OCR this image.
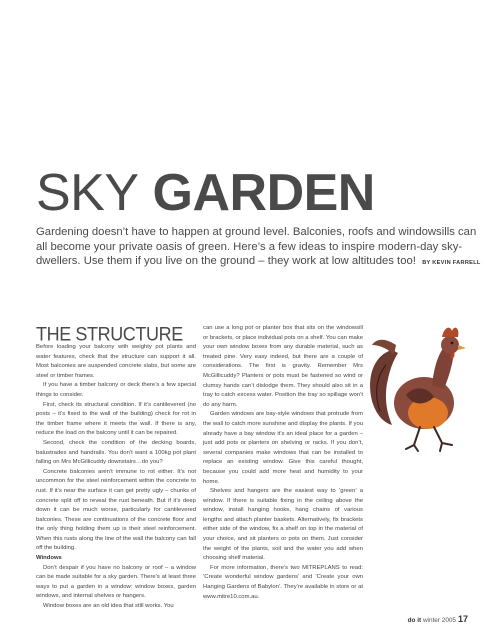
SKY GARDEN

Gardening doesn’t have to happen at ground level. Balconies, roofs and windowsills can all become your private oasis of green. Here’s a few ideas to inspire modern-day sky-dwellers. Use them if you live on the ground – they work at low altitudes too! BY KEVIN FARRELL

THE STRUCTURE

Before loading your balcony with weighty pot plants and water features, check that the structure can support it all. Most balconies are suspended concrete slabs, but some are steel or timber frames.

If you have a timber balcony or deck there’s a few special things to consider.

First, check its structural condition. If it’s cantilevered (no posts – it’s fixed to the wall of the building) check for rot in the timber frame where it meets the wall. If there is any, reduce the load on the balcony until it can be repaired.

Second, check the condition of the decking boards, balustrades and handrails. You don’t want a 100kg pot plant falling on Mrs McGillicuddy downstairs…do you?

Concrete balconies aren’t immune to rot either. It’s not uncommon for the steel reinforcement within the concrete to rust. If it’s near the surface it can get pretty ugly – chunks of concrete split off to reveal the rust beneath. But if it’s deep down it can be much worse, particularly for cantilevered balconies. These are continuations of the concrete floor and the only thing holding them up is their steel reinforcement. When this rusts along the line of the wall the balcony can fall off the building.

Windows

Don’t despair if you have no balcony or roof – a window can be made suitable for a sky garden. There’s at least three ways to put a garden in a window: window boxes, garden windows, and internal shelves or hangers.

Window boxes are an old idea that still works. You

can use a long pot or planter box that sits on the windowsill or brackets, or place individual pots on a shelf. You can make your own window boxes from any durable material, such as treated pine. Very easy indeed, but there are a couple of considerations. The first is gravity. Remember Mrs McGillicuddy? Planters or pots must be fastened so wind or clumsy hands can’t dislodge them. They should also sit in a tray to catch excess water. Position the tray so spillage won’t do any harm.

Garden windows are bay-style windows that protrude from the wall to catch more sunshine and display the plants. If you already have a bay window it’s an ideal place for a garden – just add pots or planters on shelving or racks. If you don’t, several companies make windows that can be installed to replace an existing window. Give this careful thought, because you could add more heat and humidity to your home.

Shelves and hangers are the easiest way to ‘green’ a window. If there is suitable fixing in the ceiling above the window, install hanging hooks, hang chains of various lengths and attach planter baskets. Alternatively, fix brackets either side of the window, fix a shelf on top in the material of your choice, and sit planters or pots on them. Just consider the weight of the plants, soil and the water you add when choosing shelf material.

For more information, there’s two MITREPLANS to read: ‘Create wonderful window gardens’ and ‘Create your own Hanging Gardens of Babylon’. They’re available in store or at www.mitre10.com.au.

do it winter 2005 17
